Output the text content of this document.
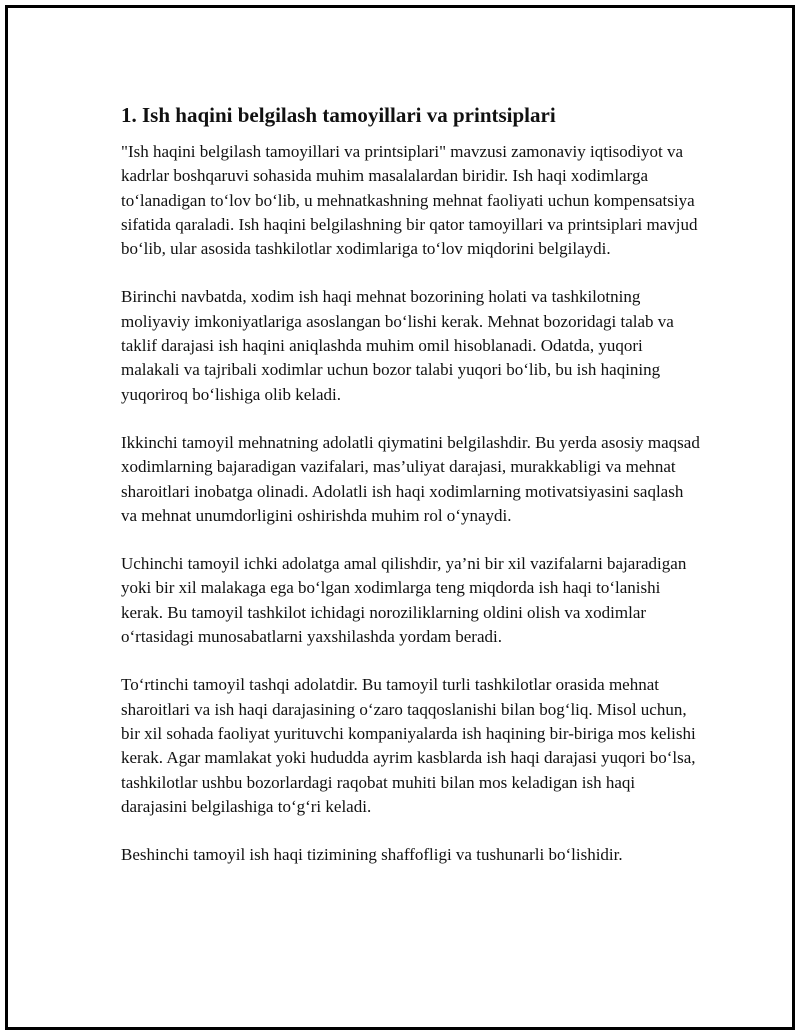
1. Ish haqini belgilash tamoyillari va printsiplari

"Ish haqini belgilash tamoyillari va printsiplari" mavzusi zamonaviy iqtisodiyot va kadrlar boshqaruvi sohasida muhim masalalardan biridir. Ish haqi xodimlarga to‘lanadigan to‘lov bo‘lib, u mehnatkashning mehnat faoliyati uchun kompensatsiya sifatida qaraladi. Ish haqini belgilashning bir qator tamoyillari va printsiplari mavjud bo‘lib, ular asosida tashkilotlar xodimlariga to‘lov miqdorini belgilaydi.

Birinchi navbatda, xodim ish haqi mehnat bozorining holati va tashkilotning moliyaviy imkoniyatlariga asoslangan bo‘lishi kerak. Mehnat bozoridagi talab va taklif darajasi ish haqini aniqlashda muhim omil hisoblanadi. Odatda, yuqori malakali va tajribali xodimlar uchun bozor talabi yuqori bo‘lib, bu ish haqining yuqoriroq bo‘lishiga olib keladi.

Ikkinchi tamoyil mehnatning adolatli qiymatini belgilashdir. Bu yerda asosiy maqsad xodimlarning bajaradigan vazifalari, mas’uliyat darajasi, murakkabligi va mehnat sharoitlari inobatga olinadi. Adolatli ish haqi xodimlarning motivatsiyasini saqlash va mehnat unumdorligini oshirishda muhim rol o‘ynaydi.

Uchinchi tamoyil ichki adolatga amal qilishdir, ya’ni bir xil vazifalarni bajaradigan yoki bir xil malakaga ega bo‘lgan xodimlarga teng miqdorda ish haqi to‘lanishi kerak. Bu tamoyil tashkilot ichidagi noroziliklarning oldini olish va xodimlar o‘rtasidagi munosabatlarni yaxshilashda yordam beradi.

To‘rtinchi tamoyil tashqi adolatdir. Bu tamoyil turli tashkilotlar orasida mehnat sharoitlari va ish haqi darajasining o‘zaro taqqoslanishi bilan bog‘liq. Misol uchun, bir xil sohada faoliyat yurituvchi kompaniyalarda ish haqining bir-biriga mos kelishi kerak. Agar mamlakat yoki hududda ayrim kasblarda ish haqi darajasi yuqori bo‘lsa, tashkilotlar ushbu bozorlardagi raqobat muhiti bilan mos keladigan ish haqi darajasini belgilashiga to‘g‘ri keladi.

Beshinchi tamoyil ish haqi tizimining shaffofligi va tushunarli bo‘lishidir.
